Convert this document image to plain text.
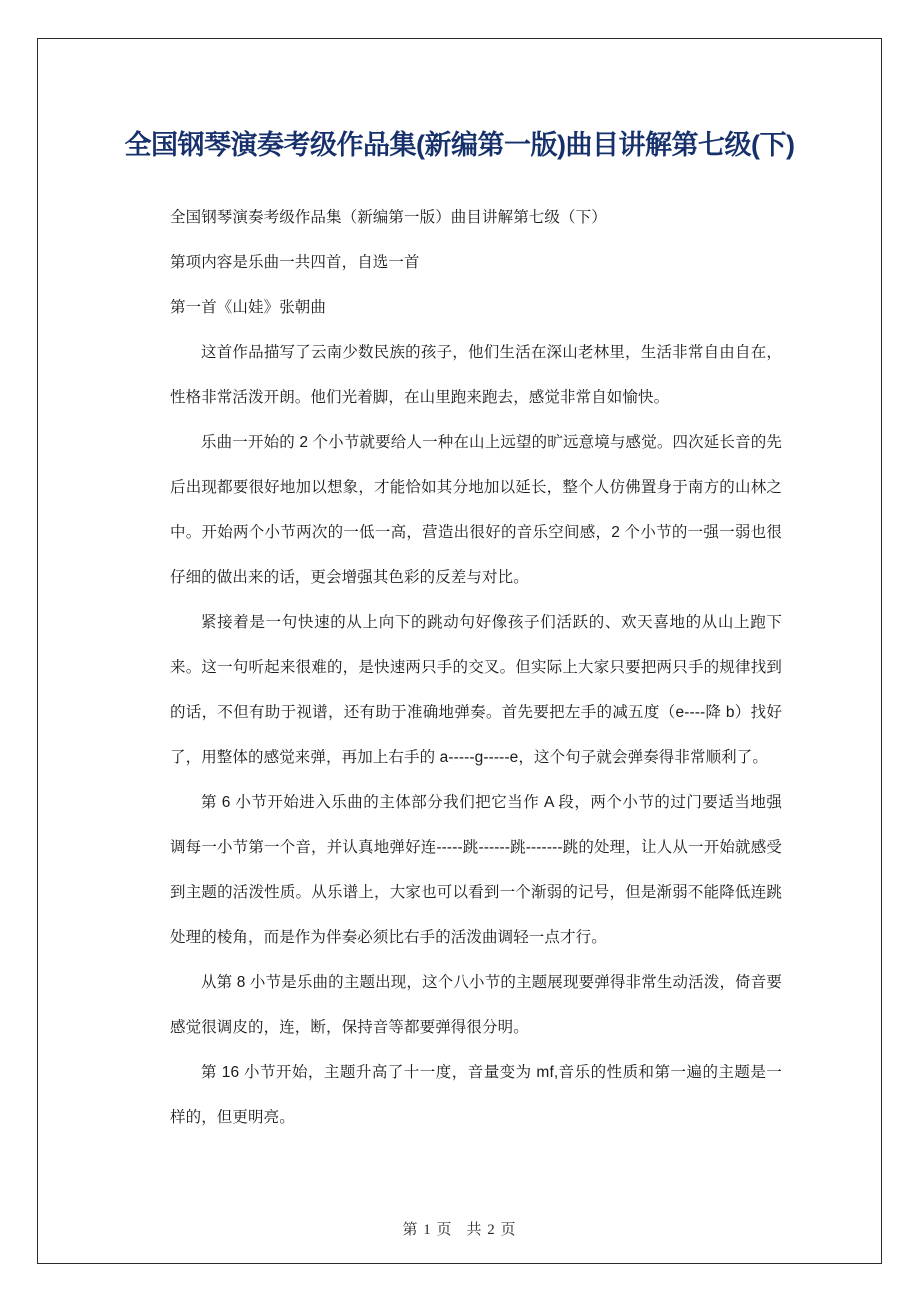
全国钢琴演奏考级作品集(新编第一版)曲目讲解第七级(下)

全国钢琴演奏考级作品集（新编第一版）曲目讲解第七级（下）

第项内容是乐曲一共四首，自选一首

第一首《山娃》张朝曲

这首作品描写了云南少数民族的孩子，他们生活在深山老林里，生活非常自由自在，性格非常活泼开朗。他们光着脚，在山里跑来跑去，感觉非常自如愉快。

乐曲一开始的 2 个小节就要给人一种在山上远望的旷远意境与感觉。四次延长音的先后出现都要很好地加以想象，才能恰如其分地加以延长，整个人仿佛置身于南方的山林之中。开始两个小节两次的一低一高，营造出很好的音乐空间感，2 个小节的一强一弱也很仔细的做出来的话，更会增强其色彩的反差与对比。

紧接着是一句快速的从上向下的跳动句好像孩子们活跃的、欢天喜地的从山上跑下来。这一句听起来很难的，是快速两只手的交叉。但实际上大家只要把两只手的规律找到的话，不但有助于视谱，还有助于准确地弹奏。首先要把左手的减五度（e----降 b）找好了，用整体的感觉来弹，再加上右手的 a-----g-----e，这个句子就会弹奏得非常顺利了。

第 6 小节开始进入乐曲的主体部分我们把它当作 A 段，两个小节的过门要适当地强调每一小节第一个音，并认真地弹好连-----跳------跳-------跳的处理，让人从一开始就感受到主题的活泼性质。从乐谱上，大家也可以看到一个渐弱的记号，但是渐弱不能降低连跳处理的棱角，而是作为伴奏必须比右手的活泼曲调轻一点才行。

从第 8 小节是乐曲的主题出现，这个八小节的主题展现要弹得非常生动活泼，倚音要感觉很调皮的，连，断，保持音等都要弹得很分明。

第 16 小节开始，主题升高了十一度，音量变为 mf,音乐的性质和第一遍的主题是一样的，但更明亮。

第 1 页 共 2 页
